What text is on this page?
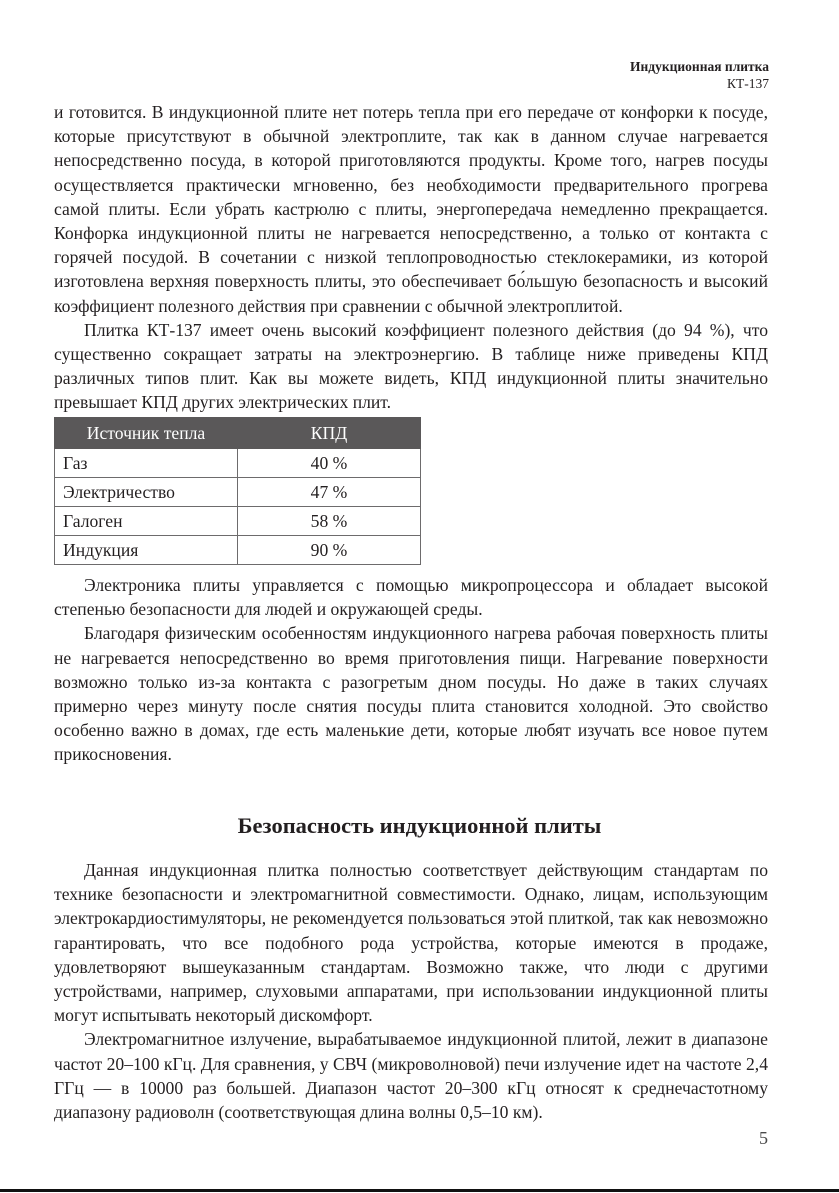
Индукционная плитка
КТ-137

и готовится. В индукционной плите нет потерь тепла при его передаче от конфорки к посуде, которые присутствуют в обычной электроплите, так как в данном случае нагревается непосредственно посуда, в которой приготовляются продукты. Кроме того, нагрев посуды осуществляется практически мгновенно, без необходимости предварительного прогрева самой плиты. Если убрать кастрюлю с плиты, энергопередача немедленно прекращается. Конфорка индукционной плиты не нагревается непосредственно, а только от контакта с горячей посудой. В сочетании с низкой теплопроводностью стеклокерамики, из которой изготовлена верхняя поверхность плиты, это обеспечивает бо́льшую безопасность и высокий коэффициент полезного действия при сравнении с обычной электроплитой.

Плитка КТ-137 имеет очень высокий коэффициент полезного действия (до 94 %), что существенно сокращает затраты на электроэнергию. В таблице ниже приведены КПД различных типов плит. Как вы можете видеть, КПД индукционной плиты значительно превышает КПД других электрических плит.

Источник тепла	КПД
Газ	40 %
Электричество	47 %
Галоген	58 %
Индукция	90 %

Электроника плиты управляется с помощью микропроцессора и обладает высокой степенью безопасности для людей и окружающей среды.

Благодаря физическим особенностям индукционного нагрева рабочая поверхность плиты не нагревается непосредственно во время приготовления пищи. Нагревание поверхности возможно только из-за контакта с разогретым дном посуды. Но даже в таких случаях примерно через минуту после снятия посуды плита становится холодной. Это свойство особенно важно в домах, где есть маленькие дети, которые любят изучать все новое путем прикосновения.

Безопасность индукционной плиты

Данная индукционная плитка полностью соответствует действующим стандартам по технике безопасности и электромагнитной совместимости. Однако, лицам, использующим электрокардиостимуляторы, не рекомендуется пользоваться этой плиткой, так как невозможно гарантировать, что все подобного рода устройства, которые имеются в продаже, удовлетворяют вышеуказанным стандартам. Возможно также, что люди с другими устройствами, например, слуховыми аппаратами, при использовании индукционной плиты могут испытывать некоторый дискомфорт.

Электромагнитное излучение, вырабатываемое индукционной плитой, лежит в диапазоне частот 20–100 кГц. Для сравнения, у СВЧ (микроволновой) печи излучение идет на частоте 2,4 ГГц — в 10000 раз большей. Диапазон частот 20–300 кГц относят к среднечастотному диапазону радиоволн (соответствующая длина волны 0,5–10 км).

5
